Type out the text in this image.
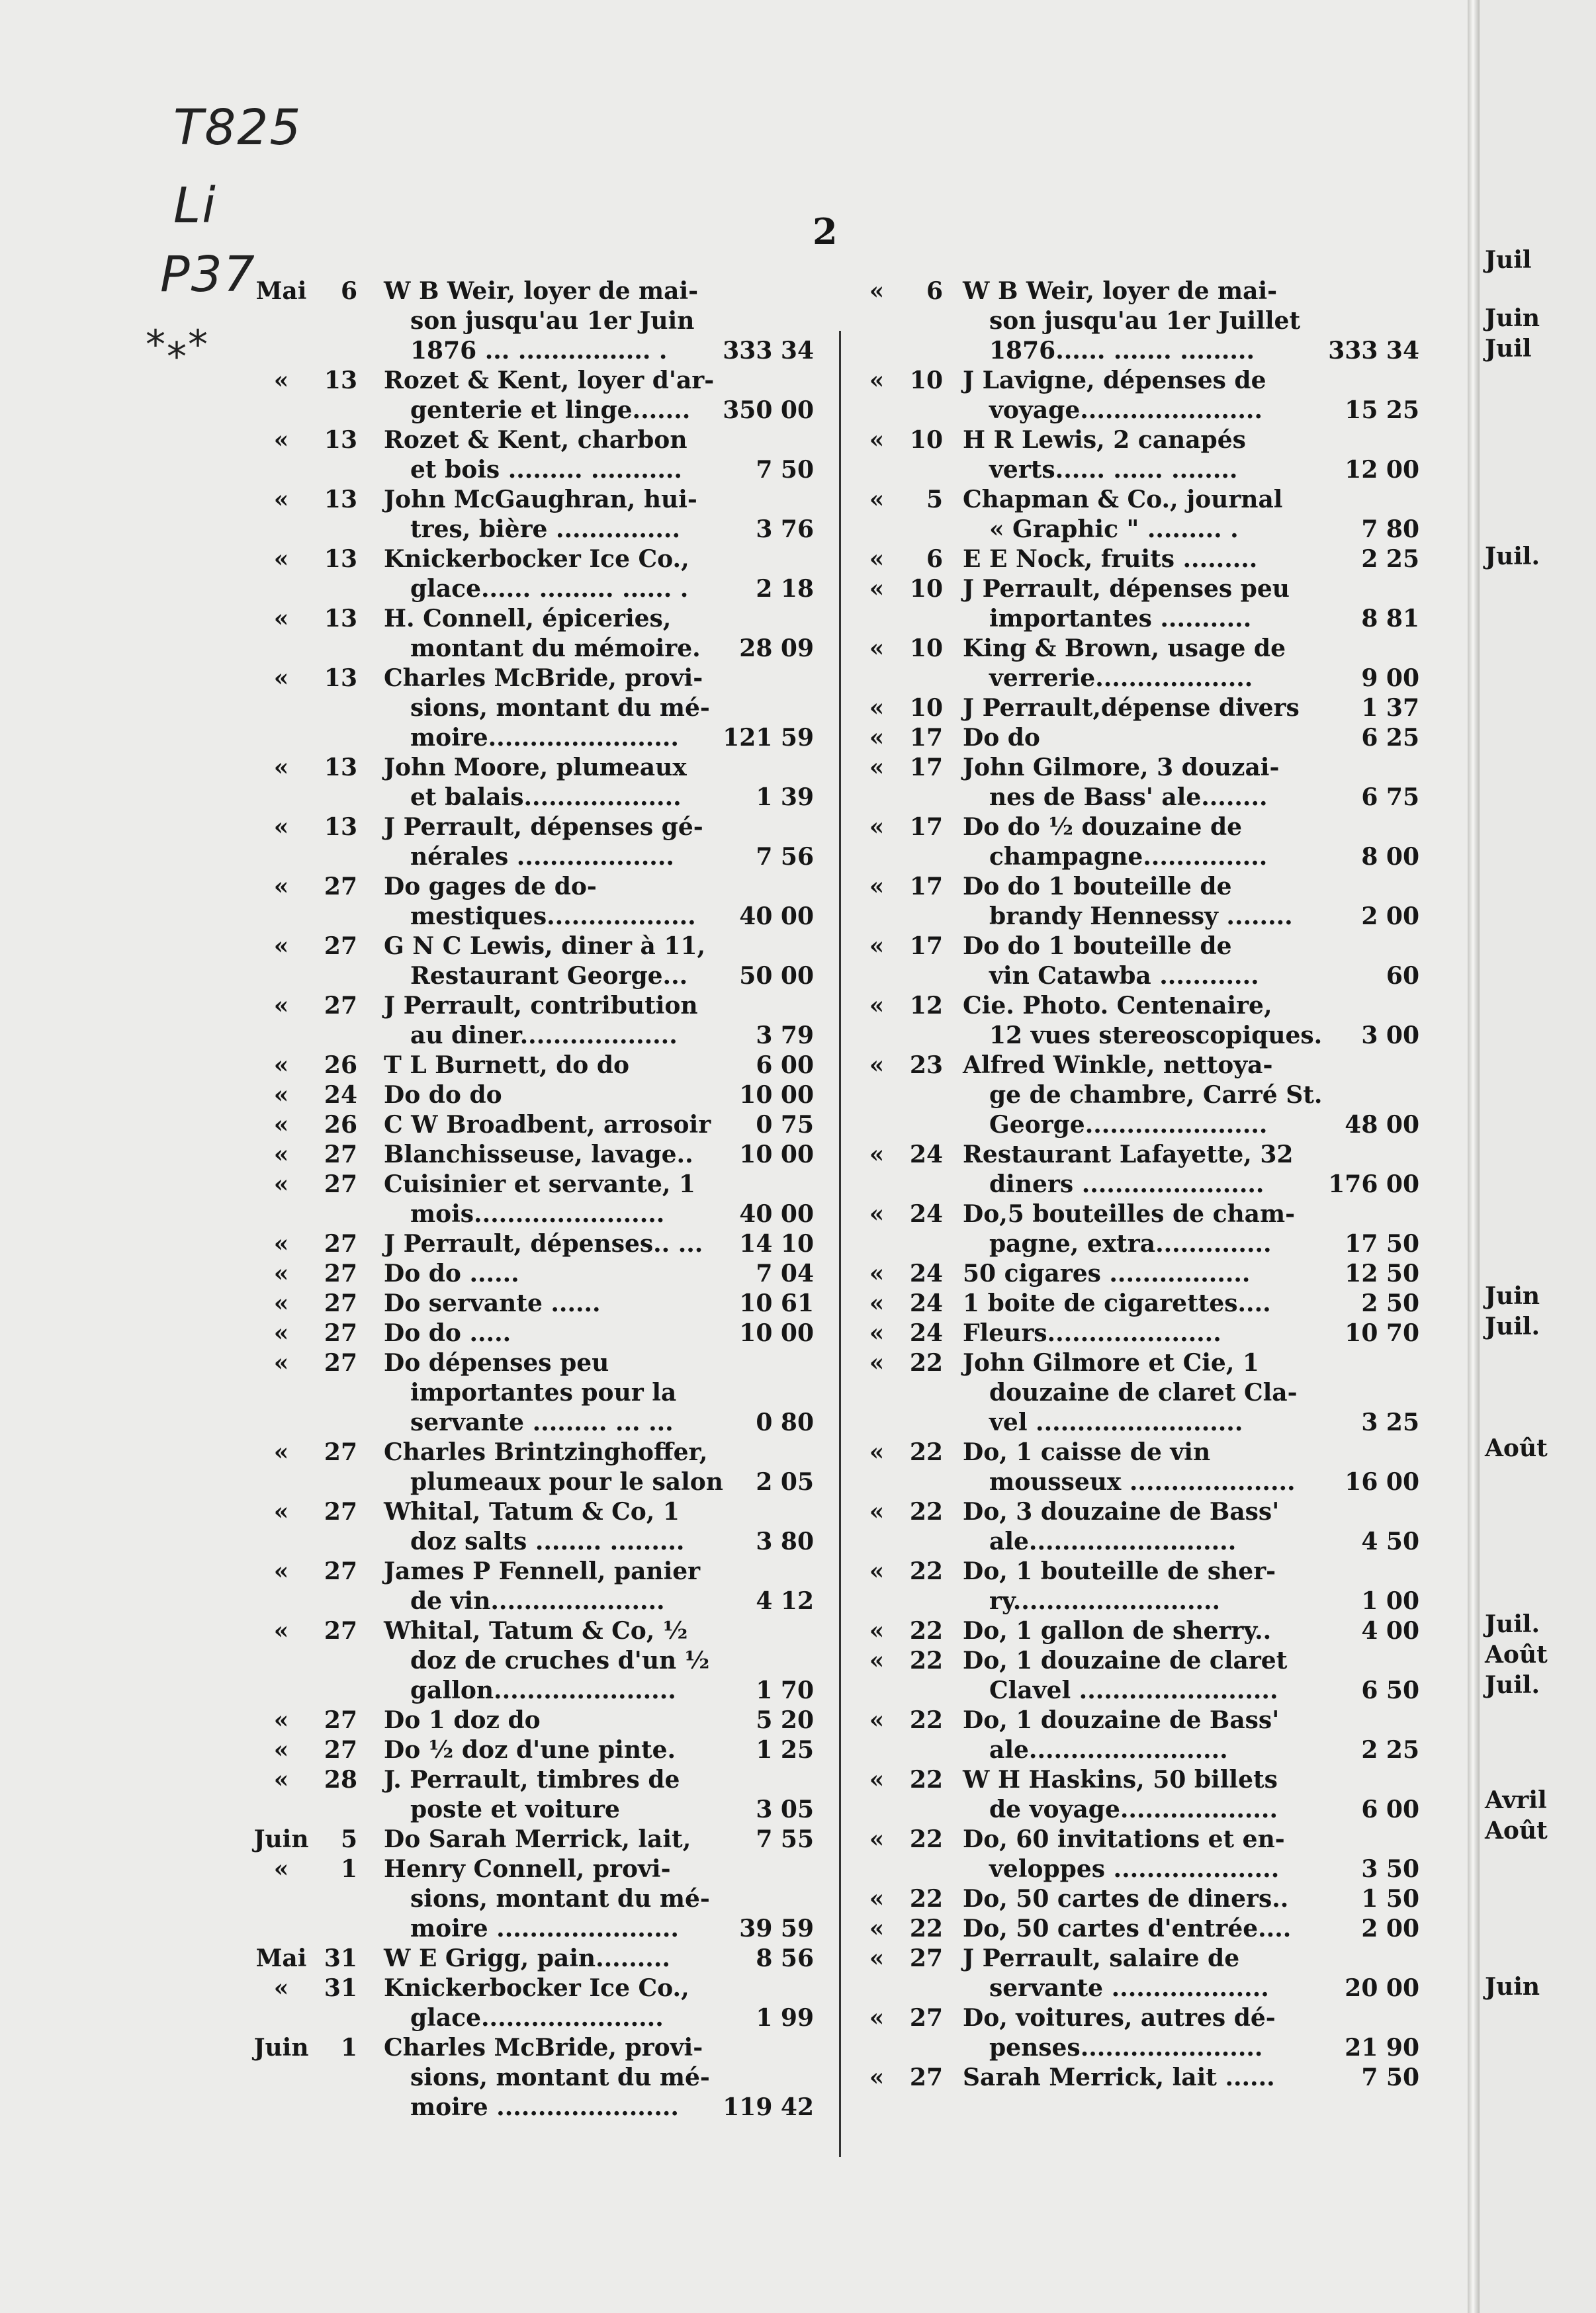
T825
Li
P37
*⁎*
2
Mai	6 W B Weir, loyer de mai-
son jusqu'au 1er Juin
1876 ... ................ .	333 34
«	13 Rozet & Kent, loyer d'ar-
genterie et linge.......	350 00
«	13 Rozet & Kent, charbon
et bois ......... ...........	7 50
«	13 John McGaughran, hui-
tres, bière ...............	3 76
«	13 Knickerbocker Ice Co.,
glace...... ......... ...... .	2 18
«	13 H. Connell, épiceries,
montant du mémoire.	28 09
«	13 Charles McBride, provi-
sions, montant du mé-
moire.......................	121 59
«	13 John Moore, plumeaux
et balais...................	1 39
«	13 J Perrault, dépenses gé-
nérales ...................	7 56
«	27 Do gages de do-
mestiques..................	40 00
«	27 G N C Lewis, diner à 11,
Restaurant George...	50 00
«	27 J Perrault, contribution
au diner...................	3 79
«	26 T L Burnett, do do	6 00
«	24 Do do do	10 00
«	26 C W Broadbent, arrosoir	0 75
«	27 Blanchisseuse, lavage..	10 00
«	27 Cuisinier et servante, 1
mois.......................	40 00
«	27 J Perrault, dépenses.. ...	14 10
«	27 Do do ......	7 04
«	27 Do servante ......	10 61
«	27 Do do .....	10 00
«	27 Do dépenses peu
importantes pour la
servante ......... ... ...	0 80
«	27 Charles Brintzinghoffer,
plumeaux pour le salon	2 05
«	27 Whital, Tatum & Co, 1
doz salts ........ .........	3 80
«	27 James P Fennell, panier
de vin.....................	4 12
«	27 Whital, Tatum & Co, ½
doz de cruches d'un ½
gallon......................	1 70
«	27 Do 1 doz do	5 20
«	27 Do ½ doz d'une pinte.	1 25
«	28 J. Perrault, timbres de
poste et voiture	3 05
Juin	5 Do Sarah Merrick, lait,	7 55
«	1 Henry Connell, provi-
sions, montant du mé-
moire ......................	39 59
Mai 31 W E Grigg, pain.........	8 56
«	31 Knickerbocker Ice Co.,
glace......................	1 99
Juin	1 Charles McBride, provi-
sions, montant du mé-
moire ......................	119 42
«	6 W B Weir, loyer de mai-
son jusqu'au 1er Juillet
1876...... ....... .........	333 34
«	10 J Lavigne, dépenses de
voyage......................	15 25
«	10 H R Lewis, 2 canapés
verts...... ...... ........	12 00
«	5 Chapman & Co., journal
« Graphic " ......... .	7 80
«	6 E E Nock, fruits .........	2 25
«	10 J Perrault, dépenses peu
importantes ...........	8 81
«	10 King & Brown, usage de
verrerie...................	9 00
«	10 J Perrault,dépense divers	1 37
«	17 Do do	6 25
«	17 John Gilmore, 3 douzai-
nes de Bass' ale........	6 75
«	17 Do do ½ douzaine de
champagne...............	8 00
«	17 Do do 1 bouteille de
brandy Hennessy ........	2 00
«	17 Do do 1 bouteille de
vin Catawba ............	60
«	12 Cie. Photo. Centenaire,
12 vues stereoscopiques.	3 00
«	23 Alfred Winkle, nettoya-
ge de chambre, Carré St.
George......................	48 00
«	24 Restaurant Lafayette, 32
diners ......................	176 00
«	24 Do,5 bouteilles de cham-
pagne, extra..............	17 50
«	24 50 cigares .................	12 50
«	24 1 boite de cigarettes....	2 50
«	24 Fleurs.....................	10 70
«	22 John Gilmore et Cie, 1
douzaine de claret Cla-
vel .........................	3 25
«	22 Do, 1 caisse de vin
mousseux ....................	16 00
«	22 Do, 3 douzaine de Bass'
ale.........................	4 50
«	22 Do, 1 bouteille de sher-
ry.........................	1 00
«	22 Do, 1 gallon de sherry..	4 00
«	22 Do, 1 douzaine de claret
Clavel ........................	6 50
«	22 Do, 1 douzaine de Bass'
ale........................	2 25
«	22 W H Haskins, 50 billets
de voyage...................	6 00
«	22 Do, 60 invitations et en-
veloppes ....................	3 50
«	22 Do, 50 cartes de diners..	1 50
«	22 Do, 50 cartes d'entrée....	2 00
«	27 J Perrault, salaire de
servante ...................	20 00
«	27 Do, voitures, autres dé-
penses......................	21 90
«	27 Sarah Merrick, lait ......	7 50
Juil
Juin
Juil
Juil.
Juin
Juil.
Août
Juil.
Août
Juil.
Avril
Août
Juin
